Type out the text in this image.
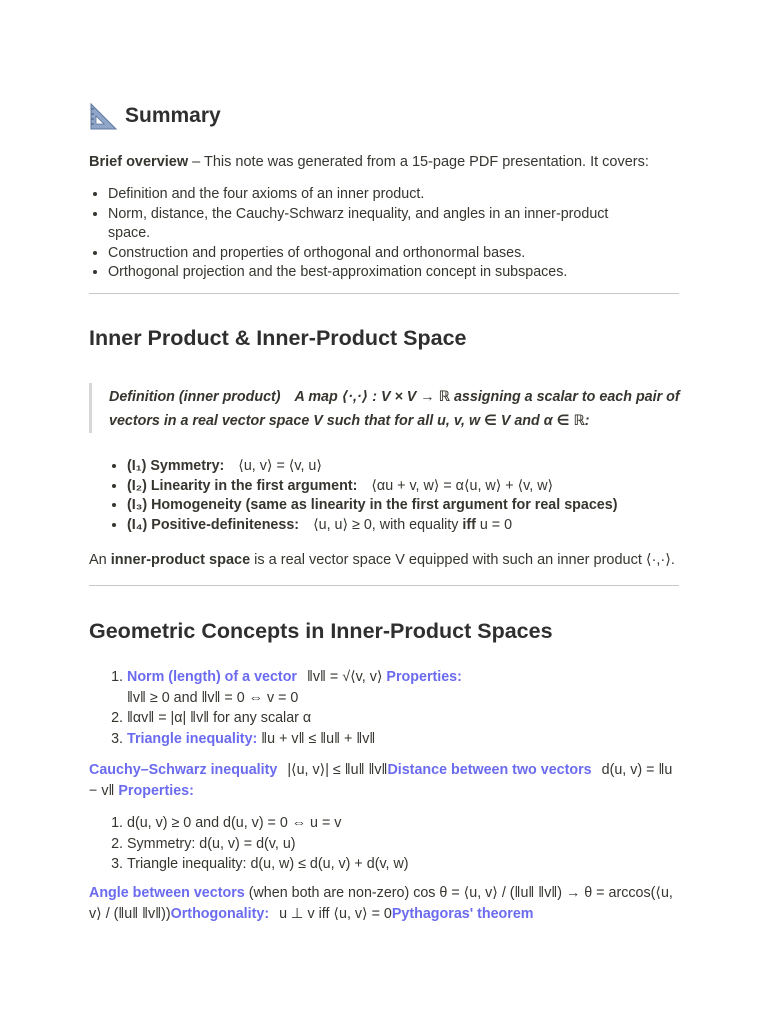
Summary

Brief overview – This note was generated from a 15-page PDF presentation. It covers:

• Definition and the four axioms of an inner product.
• Norm, distance, the Cauchy-Schwarz inequality, and angles in an inner-product space.
• Construction and properties of orthogonal and orthonormal bases.
• Orthogonal projection and the best-approximation concept in subspaces.
Inner Product & Inner-Product Space
Definition (inner product) A map ⟨·,·⟩ : V × V → ℝ assigning a scalar to each pair of vectors in a real vector space V such that for all u, v, w ∈ V and α ∈ ℝ:
• (I₁) Symmetry: ⟨u, v⟩ = ⟨v, u⟩
• (I₂) Linearity in the first argument: ⟨αu + v, w⟩ = α⟨u, w⟩ + ⟨v, w⟩
• (I₃) Homogeneity (same as linearity in the first argument for real spaces)
• (I₄) Positive-definiteness: ⟨u, u⟩ ≥ 0, with equality iff u = 0

An inner-product space is a real vector space V equipped with such an inner product ⟨·,·⟩.

Geometric Concepts in Inner-Product Spaces
1. Norm (length) of a vector ‖v‖ = √⟨v, v⟩ Properties:
‖v‖ ≥ 0 and ‖v‖ = 0 ⇔ v = 0
2. ‖αv‖ = |α| ‖v‖ for any scalar α
3. Triangle inequality: ‖u + v‖ ≤ ‖u‖ + ‖v‖

Cauchy–Schwarz inequality |⟨u, v⟩| ≤ ‖u‖ ‖v‖Distance between two vectors d(u, v) = ‖u − v‖ Properties:

1. d(u, v) ≥ 0 and d(u, v) = 0 ⇔ u = v
2. Symmetry: d(u, v) = d(v, u)
3. Triangle inequality: d(u, w) ≤ d(u, v) + d(v, w)

Angle between vectors (when both are non-zero) cos θ = ⟨u, v⟩ / (‖u‖ ‖v‖) → θ = arccos(⟨u, v⟩ / (‖u‖ ‖v‖))Orthogonality: u ⊥ v iff ⟨u, v⟩ = 0Pythagoras' theorem
